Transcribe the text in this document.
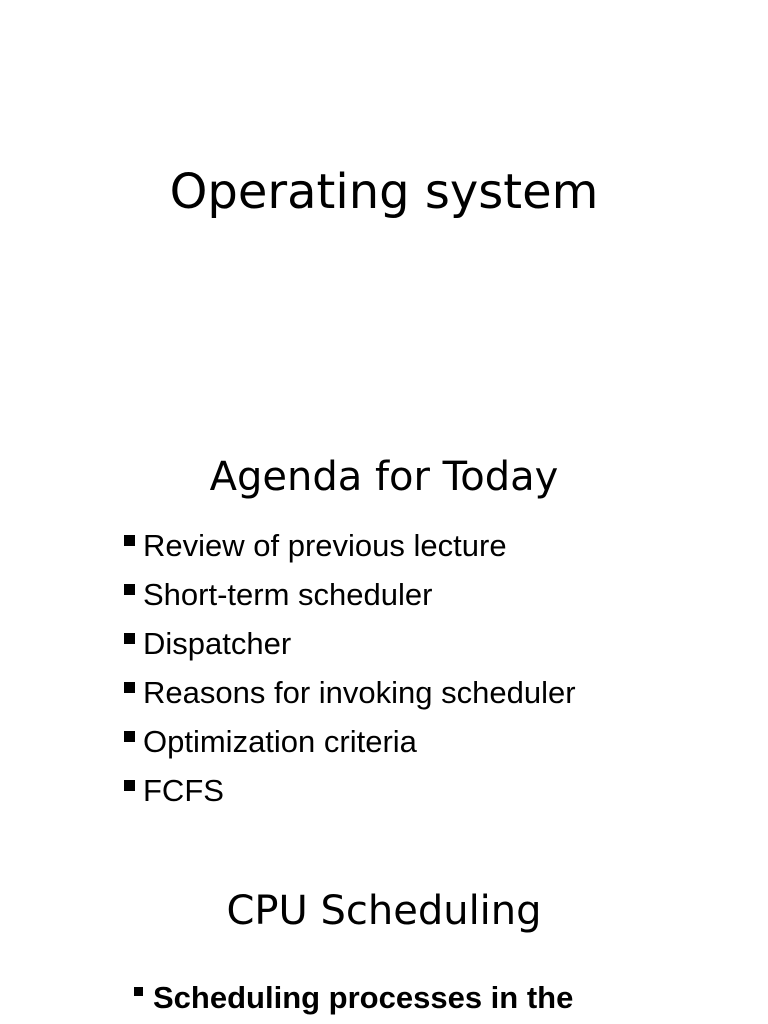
Operating system
Agenda for Today
Review of previous lecture
Short-term scheduler
Dispatcher
Reasons for invoking scheduler
Optimization criteria
FCFS
CPU Scheduling
Scheduling processes in the
